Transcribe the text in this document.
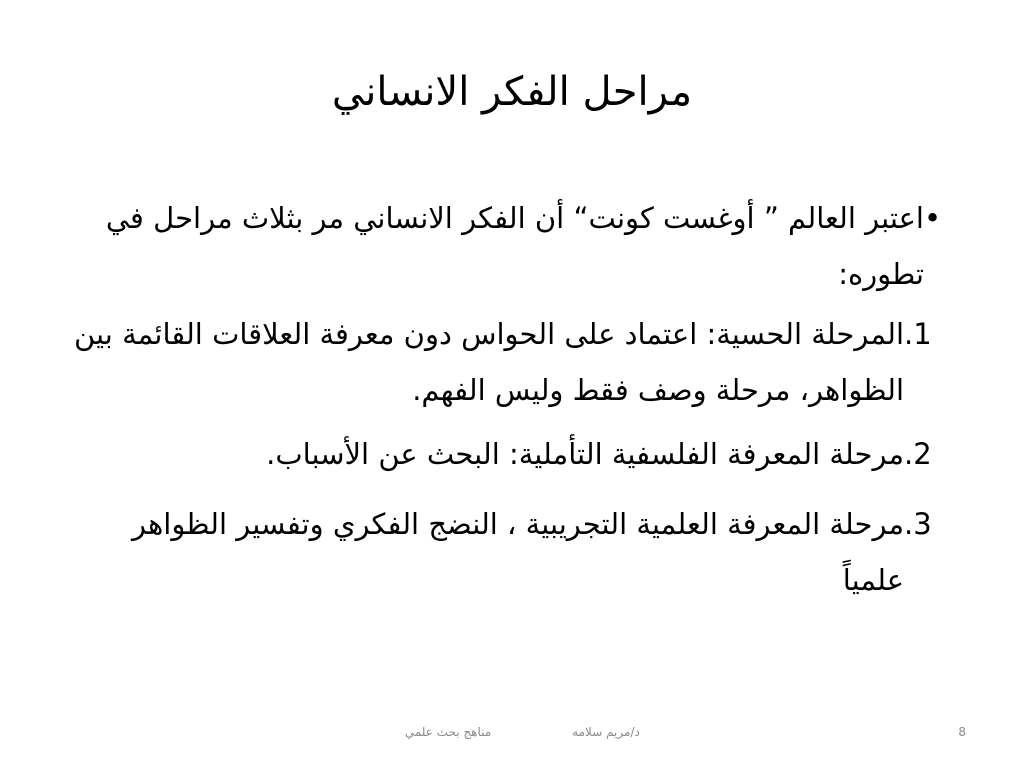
مراحل الفكر الانساني
•
اعتبر العالم ” أوغست كونت“ أن الفكر الانساني مر بثلاث مراحل في تطوره:
.1
المرحلة الحسية: اعتماد على الحواس دون معرفة العلاقات القائمة بين الظواهر، مرحلة وصف فقط وليس الفهم.
.2
مرحلة المعرفة الفلسفية التأملية: البحث عن الأسباب.
.3
مرحلة المعرفة العلمية التجريبية ، النضج الفكري وتفسير الظواهر علمياً
مناهج بحث علمي	د/مريم سلامه	8
